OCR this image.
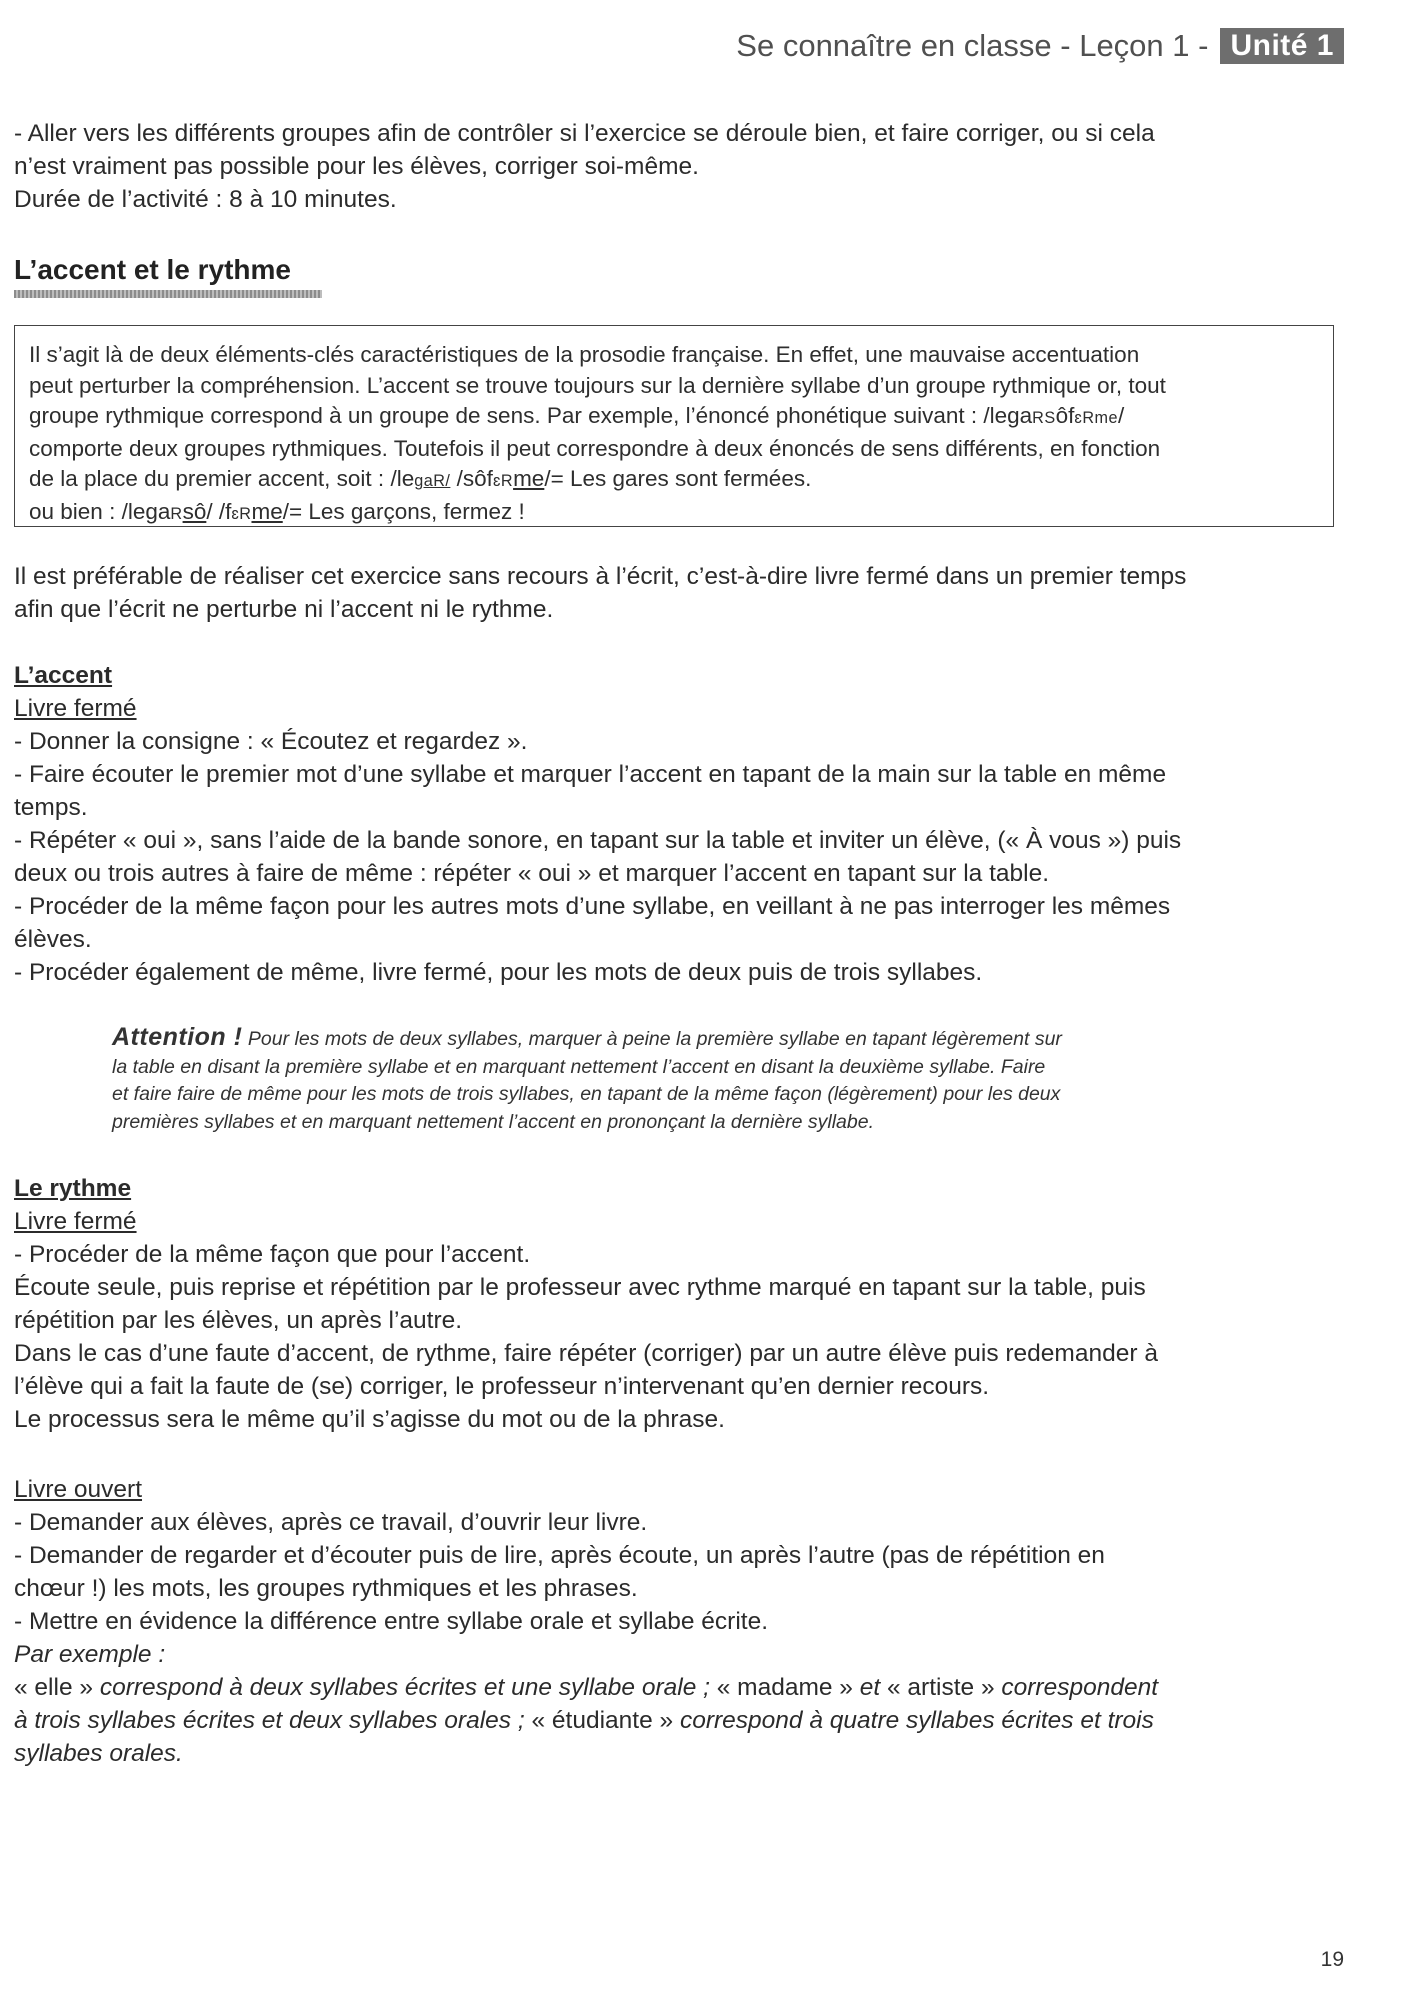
Se connaître en classe - Leçon 1 - Unité 1

- Aller vers les différents groupes afin de contrôler si l’exercice se déroule bien, et faire corriger, ou si cela

n’est vraiment pas possible pour les élèves, corriger soi-même.

Durée de l’activité : 8 à 10 minutes.

L’accent et le rythme

Il s’agit là de deux éléments-clés caractéristiques de la prosodie française. En effet, une mauvaise accentuation

peut perturber la compréhension. L’accent se trouve toujours sur la dernière syllabe d’un groupe rythmique or, tout

groupe rythmique correspond à un groupe de sens. Par exemple, l’énoncé phonétique suivant : /legaRSôfɛRme/

comporte deux groupes rythmiques. Toutefois il peut correspondre à deux énoncés de sens différents, en fonction

de la place du premier accent, soit : /legaR/ /sôfɛRme/= Les gares sont fermées.

ou bien : /legaRsô/ /fɛRme/= Les garçons, fermez !

Il est préférable de réaliser cet exercice sans recours à l’écrit, c’est-à-dire livre fermé dans un premier temps

afin que l’écrit ne perturbe ni l’accent ni le rythme.

L’accent

Livre fermé

- Donner la consigne : « Écoutez et regardez ».

- Faire écouter le premier mot d’une syllabe et marquer l’accent en tapant de la main sur la table en même

temps.

- Répéter « oui », sans l’aide de la bande sonore, en tapant sur la table et inviter un élève, (« À vous ») puis

deux ou trois autres à faire de même : répéter « oui » et marquer l’accent en tapant sur la table.

- Procéder de la même façon pour les autres mots d’une syllabe, en veillant à ne pas interroger les mêmes

élèves.

- Procéder également de même, livre fermé, pour les mots de deux puis de trois syllabes.

Attention ! Pour les mots de deux syllabes, marquer à peine la première syllabe en tapant légèrement sur
la table en disant la première syllabe et en marquant nettement l’accent en disant la deuxième syllabe. Faire
et faire faire de même pour les mots de trois syllabes, en tapant de la même façon (légèrement) pour les deux
premières syllabes et en marquant nettement l’accent en prononçant la dernière syllabe.

Le rythme

Livre fermé

- Procéder de la même façon que pour l’accent.

Écoute seule, puis reprise et répétition par le professeur avec rythme marqué en tapant sur la table, puis

répétition par les élèves, un après l’autre.

Dans le cas d’une faute d’accent, de rythme, faire répéter (corriger) par un autre élève puis redemander à

l’élève qui a fait la faute de (se) corriger, le professeur n’intervenant qu’en dernier recours.

Le processus sera le même qu’il s’agisse du mot ou de la phrase.

Livre ouvert

- Demander aux élèves, après ce travail, d’ouvrir leur livre.

- Demander de regarder et d’écouter puis de lire, après écoute, un après l’autre (pas de répétition en

chœur !) les mots, les groupes rythmiques et les phrases.

- Mettre en évidence la différence entre syllabe orale et syllabe écrite.

Par exemple :

« elle » correspond à deux syllabes écrites et une syllabe orale ; « madame » et « artiste » correspondent

à trois syllabes écrites et deux syllabes orales ; « étudiante » correspond à quatre syllabes écrites et trois

syllabes orales.

19
